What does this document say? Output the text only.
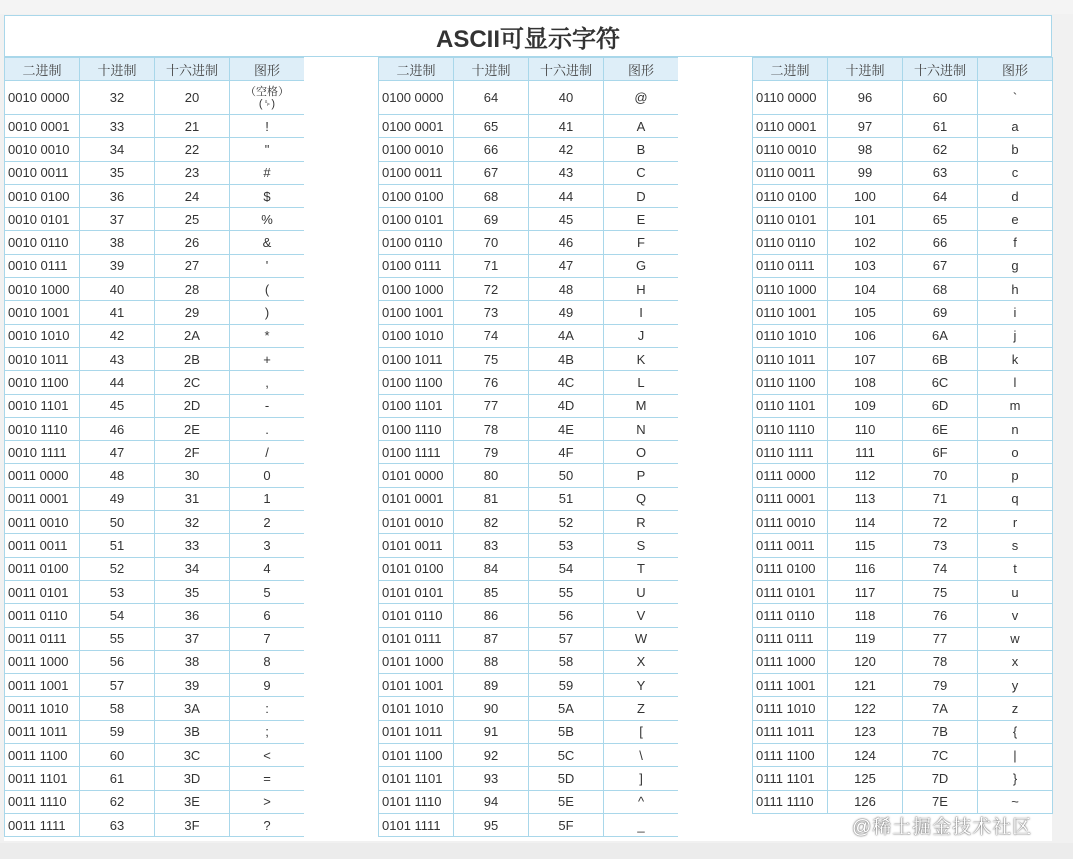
ASCII可显示字符
二进制	十进制	十六进制	图形
0010 0000	32	20	（空格）
(␠)

0010 0001	33	21	!
0010 0010	34	22	"
0010 0011	35	23	#
0010 0100	36	24	$
0010 0101	37	25	%
0010 0110	38	26	&
0010 0111	39	27	'
0010 1000	40	28	(
0010 1001	41	29	)
0010 1010	42	2A	*
0010 1011	43	2B	+
0010 1100	44	2C	,
0010 1101	45	2D	-
0010 1110	46	2E	.
0010 1111	47	2F	/
0011 0000	48	30	0
0011 0001	49	31	1
0011 0010	50	32	2
0011 0011	51	33	3
0011 0100	52	34	4
0011 0101	53	35	5
0011 0110	54	36	6
0011 0111	55	37	7
0011 1000	56	38	8
0011 1001	57	39	9
0011 1010	58	3A	:
0011 1011	59	3B	;
0011 1100	60	3C	<
0011 1101	61	3D	=
0011 1110	62	3E	>
0011 1111	63	3F	?
二进制	十进制	十六进制	图形
0100 0000	64	40	@
0100 0001	65	41	A
0100 0010	66	42	B
0100 0011	67	43	C
0100 0100	68	44	D
0100 0101	69	45	E
0100 0110	70	46	F
0100 0111	71	47	G
0100 1000	72	48	H
0100 1001	73	49	I
0100 1010	74	4A	J
0100 1011	75	4B	K
0100 1100	76	4C	L
0100 1101	77	4D	M
0100 1110	78	4E	N
0100 1111	79	4F	O
0101 0000	80	50	P
0101 0001	81	51	Q
0101 0010	82	52	R
0101 0011	83	53	S
0101 0100	84	54	T
0101 0101	85	55	U
0101 0110	86	56	V
0101 0111	87	57	W
0101 1000	88	58	X
0101 1001	89	59	Y
0101 1010	90	5A	Z
0101 1011	91	5B	[
0101 1100	92	5C	\
0101 1101	93	5D	]
0101 1110	94	5E	^
0101 1111	95	5F	_
二进制	十进制	十六进制	图形
0110 0000	96	60	`
0110 0001	97	61	a
0110 0010	98	62	b
0110 0011	99	63	c
0110 0100	100	64	d
0110 0101	101	65	e
0110 0110	102	66	f
0110 0111	103	67	g
0110 1000	104	68	h
0110 1001	105	69	i
0110 1010	106	6A	j
0110 1011	107	6B	k
0110 1100	108	6C	l
0110 1101	109	6D	m
0110 1110	110	6E	n
0110 1111	111	6F	o
0111 0000	112	70	p
0111 0001	113	71	q
0111 0010	114	72	r
0111 0011	115	73	s
0111 0100	116	74	t
0111 0101	117	75	u
0111 0110	118	76	v
0111 0111	119	77	w
0111 1000	120	78	x
0111 1001	121	79	y
0111 1010	122	7A	z
0111 1011	123	7B	{
0111 1100	124	7C	|
0111 1101	125	7D	}
0111 1110	126	7E	~
@稀土掘金技术社区
